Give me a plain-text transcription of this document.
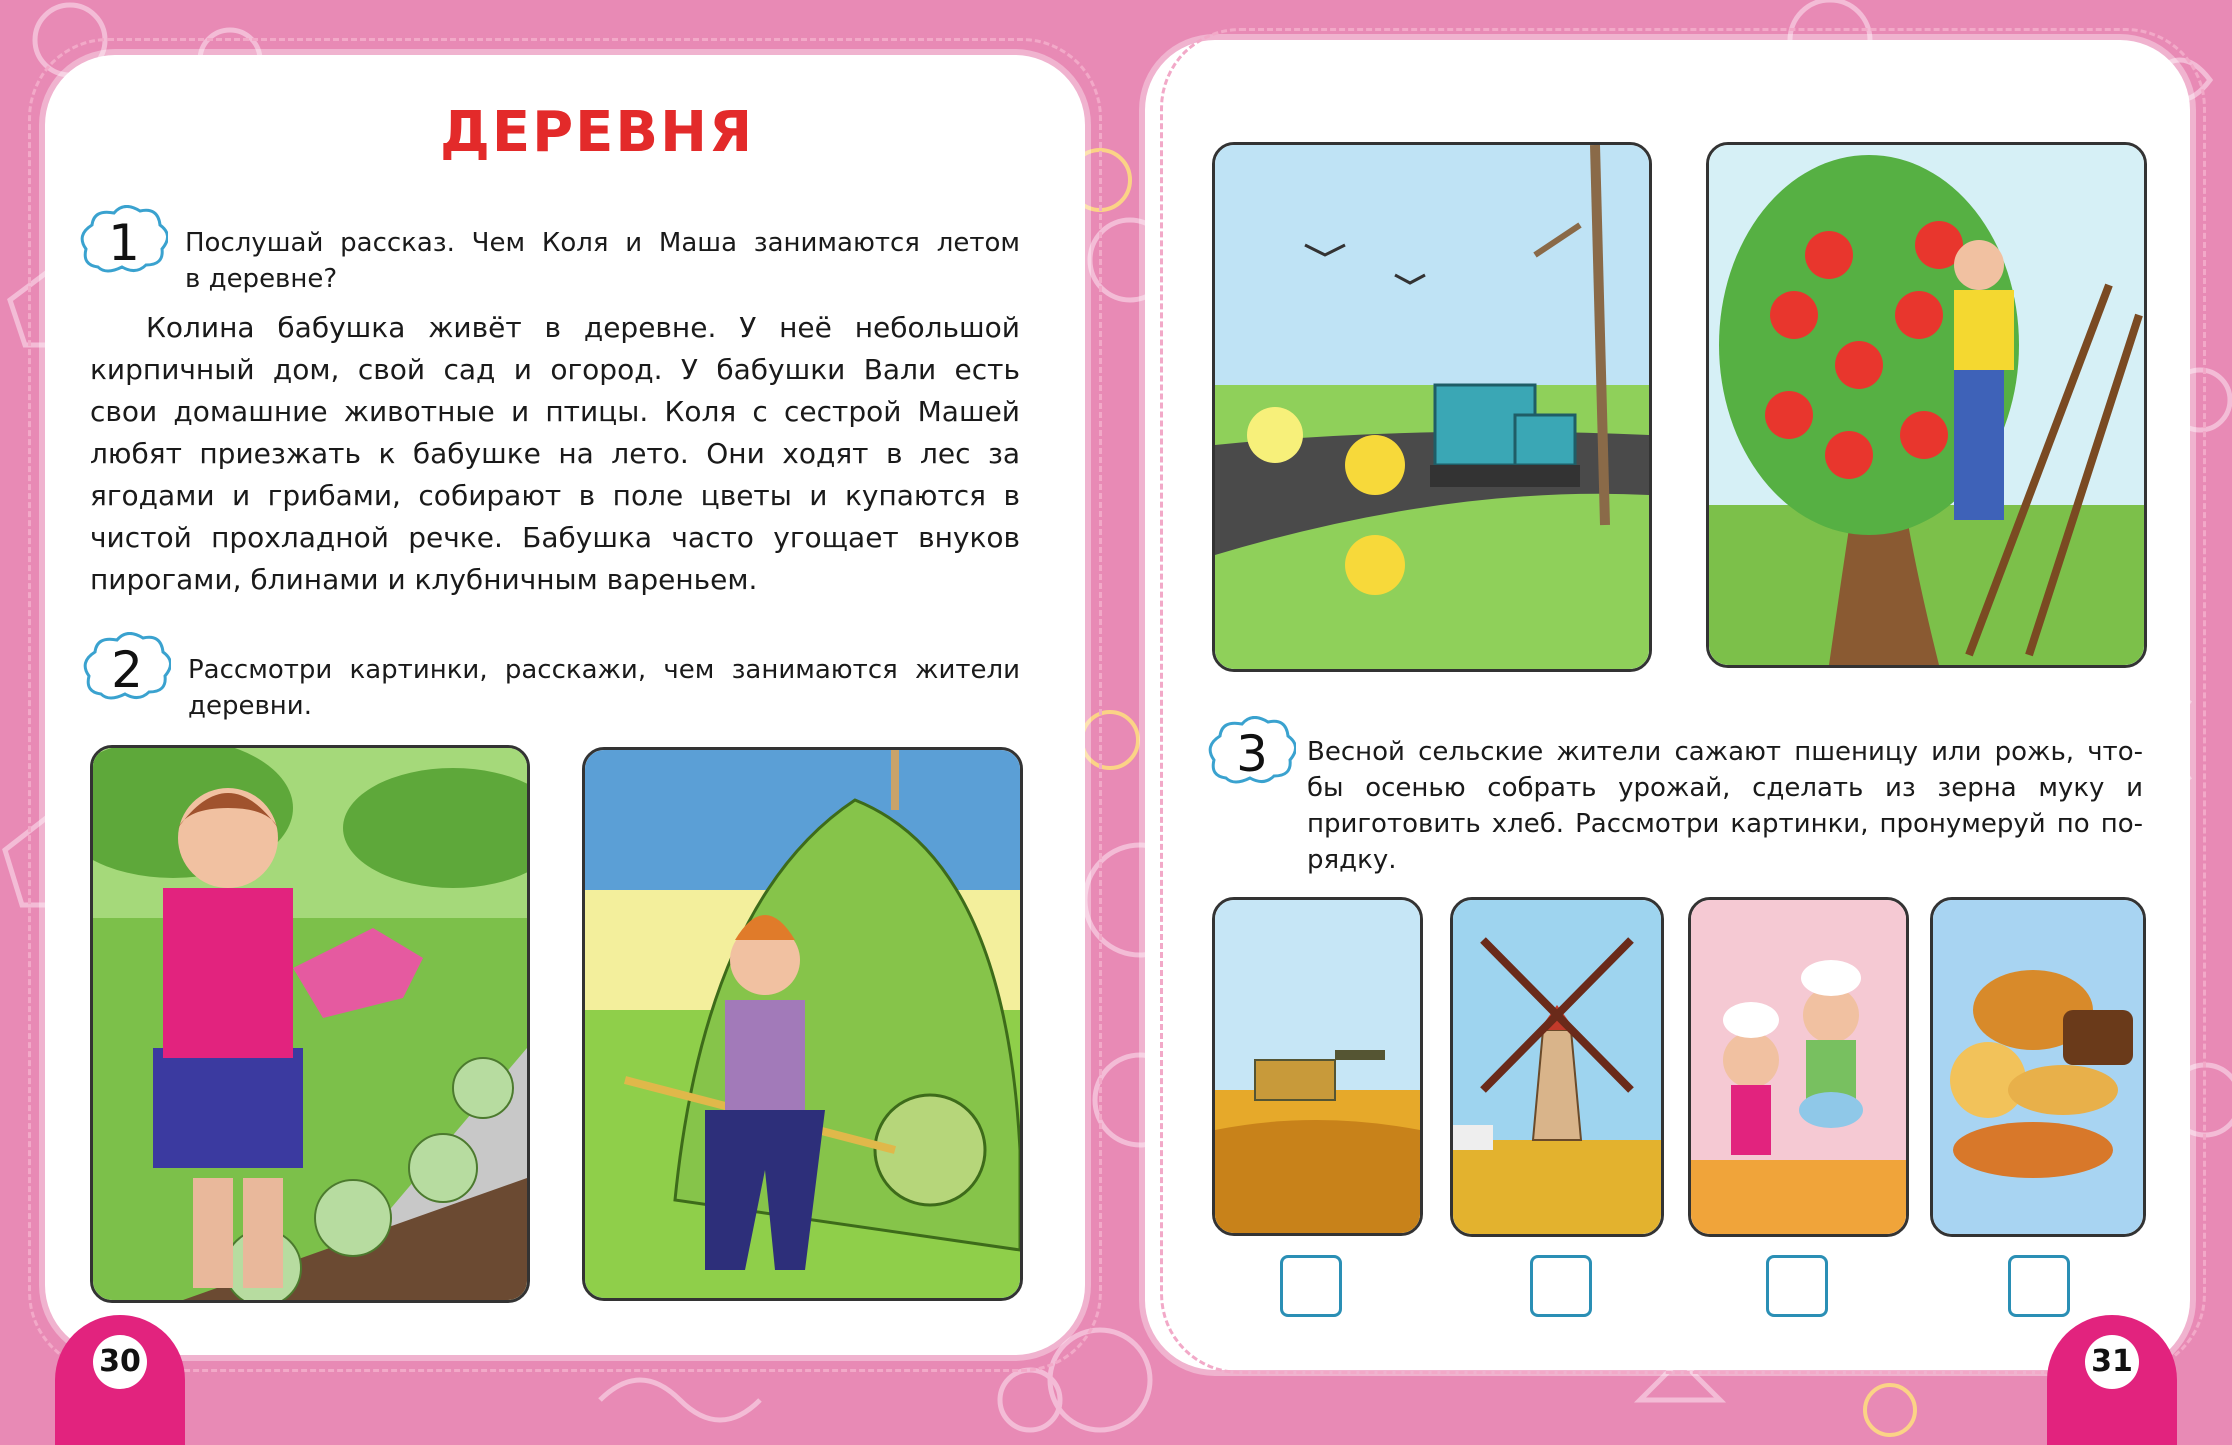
ДЕРЕВНЯ
1	Послушай рассказ. Чем Коля и Маша занимаются летом
в деревне?
Колина бабушка живёт в деревне. У неё небольшой
кирпичный дом, свой сад и огород. У бабушки Вали есть
свои домашние животные и птицы. Коля с сестрой Машей
любят приезжать к бабушке на лето. Они ходят в лес за
ягодами и грибами, собирают в поле цветы и купаются в
чистой прохладной речке. Бабушка часто угощает внуков
пирогами, блинами и клубничным вареньем.
2	Рассмотри картинки, расскажи, чем занимаются жители
деревни.
30
3	Весной сельские жители сажают пшеницу или рожь, что-
бы осенью собрать урожай, сделать из зерна муку и
приготовить хлеб. Рассмотри картинки, пронумеруй по по-
рядку.
31
